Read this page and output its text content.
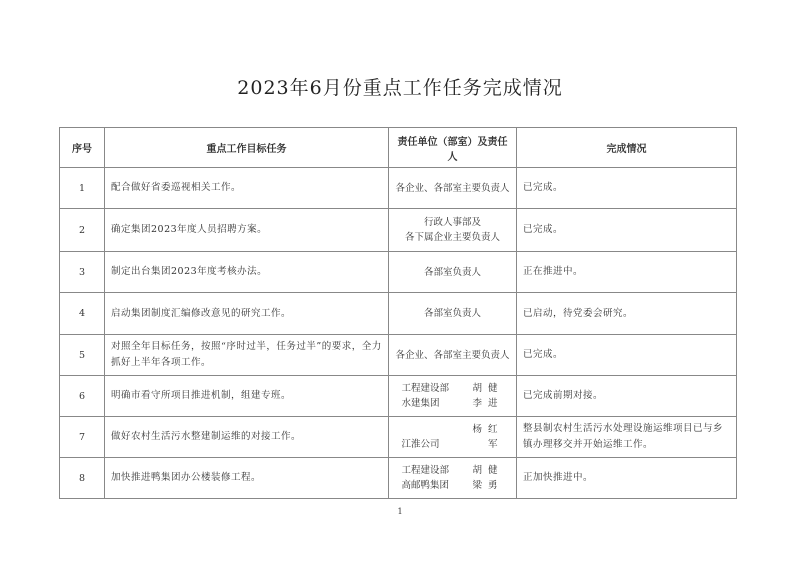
2023年6月份重点工作任务完成情况
序号	重点工作目标任务	责任单位（部室）及责任人	完成情况
1	配合做好省委巡视相关工作。	各企业、各部室主要负责人	已完成。
2	确定集团2023年度人员招聘方案。	行政人事部及
各下属企业主要负责人	已完成。
3	制定出台集团2023年度考核办法。	各部室负责人	正在推进中。
4	启动集团制度汇编修改意见的研究工作。	各部室负责人	已启动，待党委会研究。
5	对照全年目标任务，按照“序时过半，任务过半”的要求，全力抓好上半年各项工作。	各企业、各部室主要负责人	已完成。
6	明确市看守所项目推进机制，组建专班。	工程建设部 胡健
水建集团 李进	已完成前期对接。
7	做好农村生活污水整建制运维的对接工作。	江淮公司杨红军	整县制农村生活污水处理设施运维项目已与乡镇办理移交并开始运维工作。
8	加快推进鸭集团办公楼装修工程。	工程建设部 胡健
高邮鸭集团 梁勇	正加快推进中。
1
